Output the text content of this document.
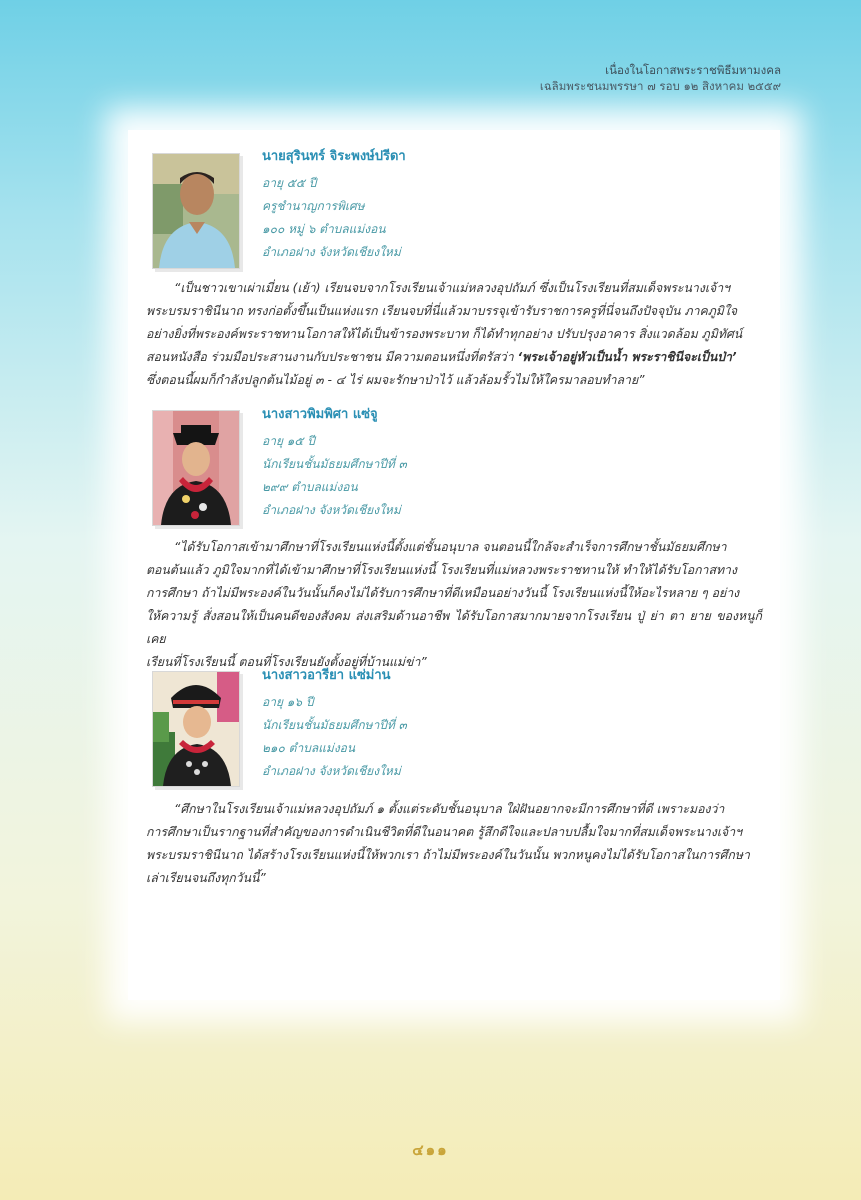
เนื่องในโอกาสพระราชพิธีมหามงคล
เฉลิมพระชนมพรรษา ๗ รอบ ๑๒ สิงหาคม ๒๕๕๙
นายสุรินทร์ จิระพงษ์ปรีดา
อายุ ๕๕ ปี
ครูชำนาญการพิเศษ
๑๐๐ หมู่ ๖ ตำบลแม่งอน
อำเภอฝาง จังหวัดเชียงใหม่
“เป็นชาวเขาเผ่าเมี่ยน (เย้า) เรียนจบจากโรงเรียนเจ้าแม่หลวงอุปถัมภ์ ซึ่งเป็นโรงเรียนที่สมเด็จพระนางเจ้าฯ
พระบรมราชินีนาถ ทรงก่อตั้งขึ้นเป็นแห่งแรก เรียนจบที่นี่แล้วมาบรรจุเข้ารับราชการครูที่นี่จนถึงปัจจุบัน ภาคภูมิใจ
อย่างยิ่งที่พระองค์พระราชทานโอกาสให้ได้เป็นข้ารองพระบาท ก็ได้ทำทุกอย่าง ปรับปรุงอาคาร สิ่งแวดล้อม ภูมิทัศน์
สอนหนังสือ ร่วมมือประสานงานกับประชาชน มีความตอนหนึ่งที่ตรัสว่า ‘พระเจ้าอยู่หัวเป็นน้ำ พระราชินีจะเป็นป่า’
ซึ่งตอนนี้ผมก็กำลังปลูกต้นไม้อยู่ ๓ - ๔ ไร่ ผมจะรักษาป่าไว้ แล้วล้อมรั้วไม่ให้ใครมาลอบทำลาย”
นางสาวพิมพิศา แซ่จู
อายุ ๑๕ ปี
นักเรียนชั้นมัธยมศึกษาปีที่ ๓
๒๙๙ ตำบลแม่งอน
อำเภอฝาง จังหวัดเชียงใหม่
“ได้รับโอกาสเข้ามาศึกษาที่โรงเรียนแห่งนี้ตั้งแต่ชั้นอนุบาล จนตอนนี้ใกล้จะสำเร็จการศึกษาชั้นมัธยมศึกษา
ตอนต้นแล้ว ภูมิใจมากที่ได้เข้ามาศึกษาที่โรงเรียนแห่งนี้ โรงเรียนที่แม่หลวงพระราชทานให้ ทำให้ได้รับโอกาสทาง
การศึกษา ถ้าไม่มีพระองค์ในวันนั้นก็คงไม่ได้รับการศึกษาที่ดีเหมือนอย่างวันนี้ โรงเรียนแห่งนี้ให้อะไรหลาย ๆ อย่าง
ให้ความรู้ สั่งสอนให้เป็นคนดีของสังคม ส่งเสริมด้านอาชีพ ได้รับโอกาสมากมายจากโรงเรียน ปู่ ย่า ตา ยาย ของหนูก็เคย
เรียนที่โรงเรียนนี้ ตอนที่โรงเรียนยังตั้งอยู่ที่บ้านแม่ข่า”
นางสาวอารียา แซ่ม่าน
อายุ ๑๖ ปี
นักเรียนชั้นมัธยมศึกษาปีที่ ๓
๒๑๐ ตำบลแม่งอน
อำเภอฝาง จังหวัดเชียงใหม่
“ศึกษาในโรงเรียนเจ้าแม่หลวงอุปถัมภ์ ๑ ตั้งแต่ระดับชั้นอนุบาล ใฝ่ฝันอยากจะมีการศึกษาที่ดี เพราะมองว่า
การศึกษาเป็นรากฐานที่สำคัญของการดำเนินชีวิตที่ดีในอนาคต รู้สึกดีใจและปลาบปลื้มใจมากที่สมเด็จพระนางเจ้าฯ
พระบรมราชินีนาถ ได้สร้างโรงเรียนแห่งนี้ให้พวกเรา ถ้าไม่มีพระองค์ในวันนั้น พวกหนูคงไม่ได้รับโอกาสในการศึกษา
เล่าเรียนจนถึงทุกวันนี้”
๔๑๑
